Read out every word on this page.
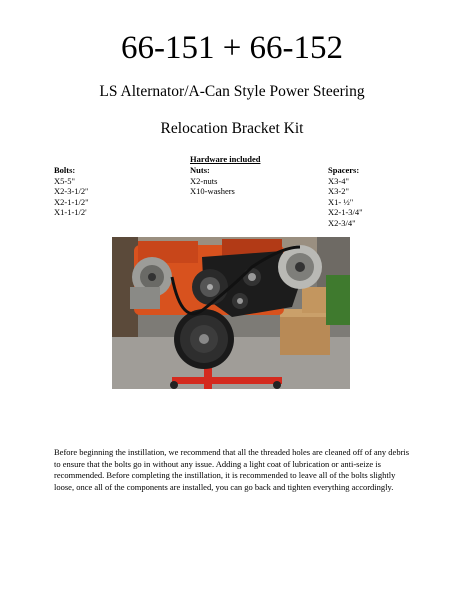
66-151 + 66-152
LS Alternator/A-Can Style Power Steering
Relocation Bracket Kit
Hardware included
Bolts:
X5-5"
X2-3-1/2''
X2-1-1/2"
X1-1-1/2'
Nuts:
X2-nuts
X10-washers
Spacers:
X3-4"
X3-2"
X1- ½"
X2-1-3/4"
X2-3/4"
Before beginning the instillation, we recommend that all the threaded holes are cleaned off of any debris to ensure that the bolts go in without any issue. Adding a light coat of lubrication or anti-seize is recommended. Before completing the instillation, it is recommended to leave all of the bolts slightly loose, once all of the components are installed, you can go back and tighten everything accordingly.
